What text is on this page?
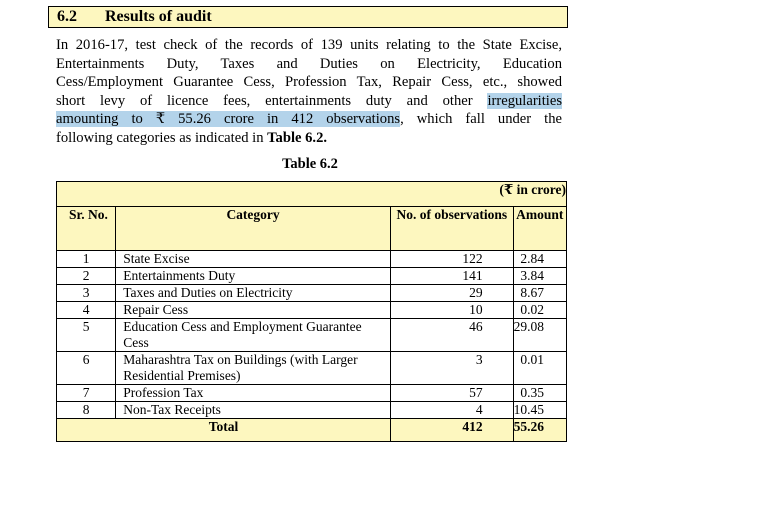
6.2 Results of audit
In 2016-17, test check of the records of 139 units relating to the State Excise,
Entertainments Duty, Taxes and Duties on Electricity, Education
Cess/Employment Guarantee Cess, Profession Tax, Repair Cess, etc., showed
short levy of licence fees, entertainments duty and other irregularities
amounting to ₹ 55.26 crore in 412 observations, which fall under the
following categories as indicated in Table 6.2.
Table 6.2
(₹ in crore)			
Sr. No.	Category	No. of observations	Amount
1	State Excise	122	2.84
2	Entertainments Duty	141	3.84
3	Taxes and Duties on Electricity	29	8.67
4	Repair Cess	10	0.02
5	Education Cess and Employment Guarantee Cess	46	29.08
6	Maharashtra Tax on Buildings (with Larger Residential Premises)	3	0.01
7	Profession Tax	57	0.35
8	Non-Tax Receipts	4	10.45
Total		412	55.26
